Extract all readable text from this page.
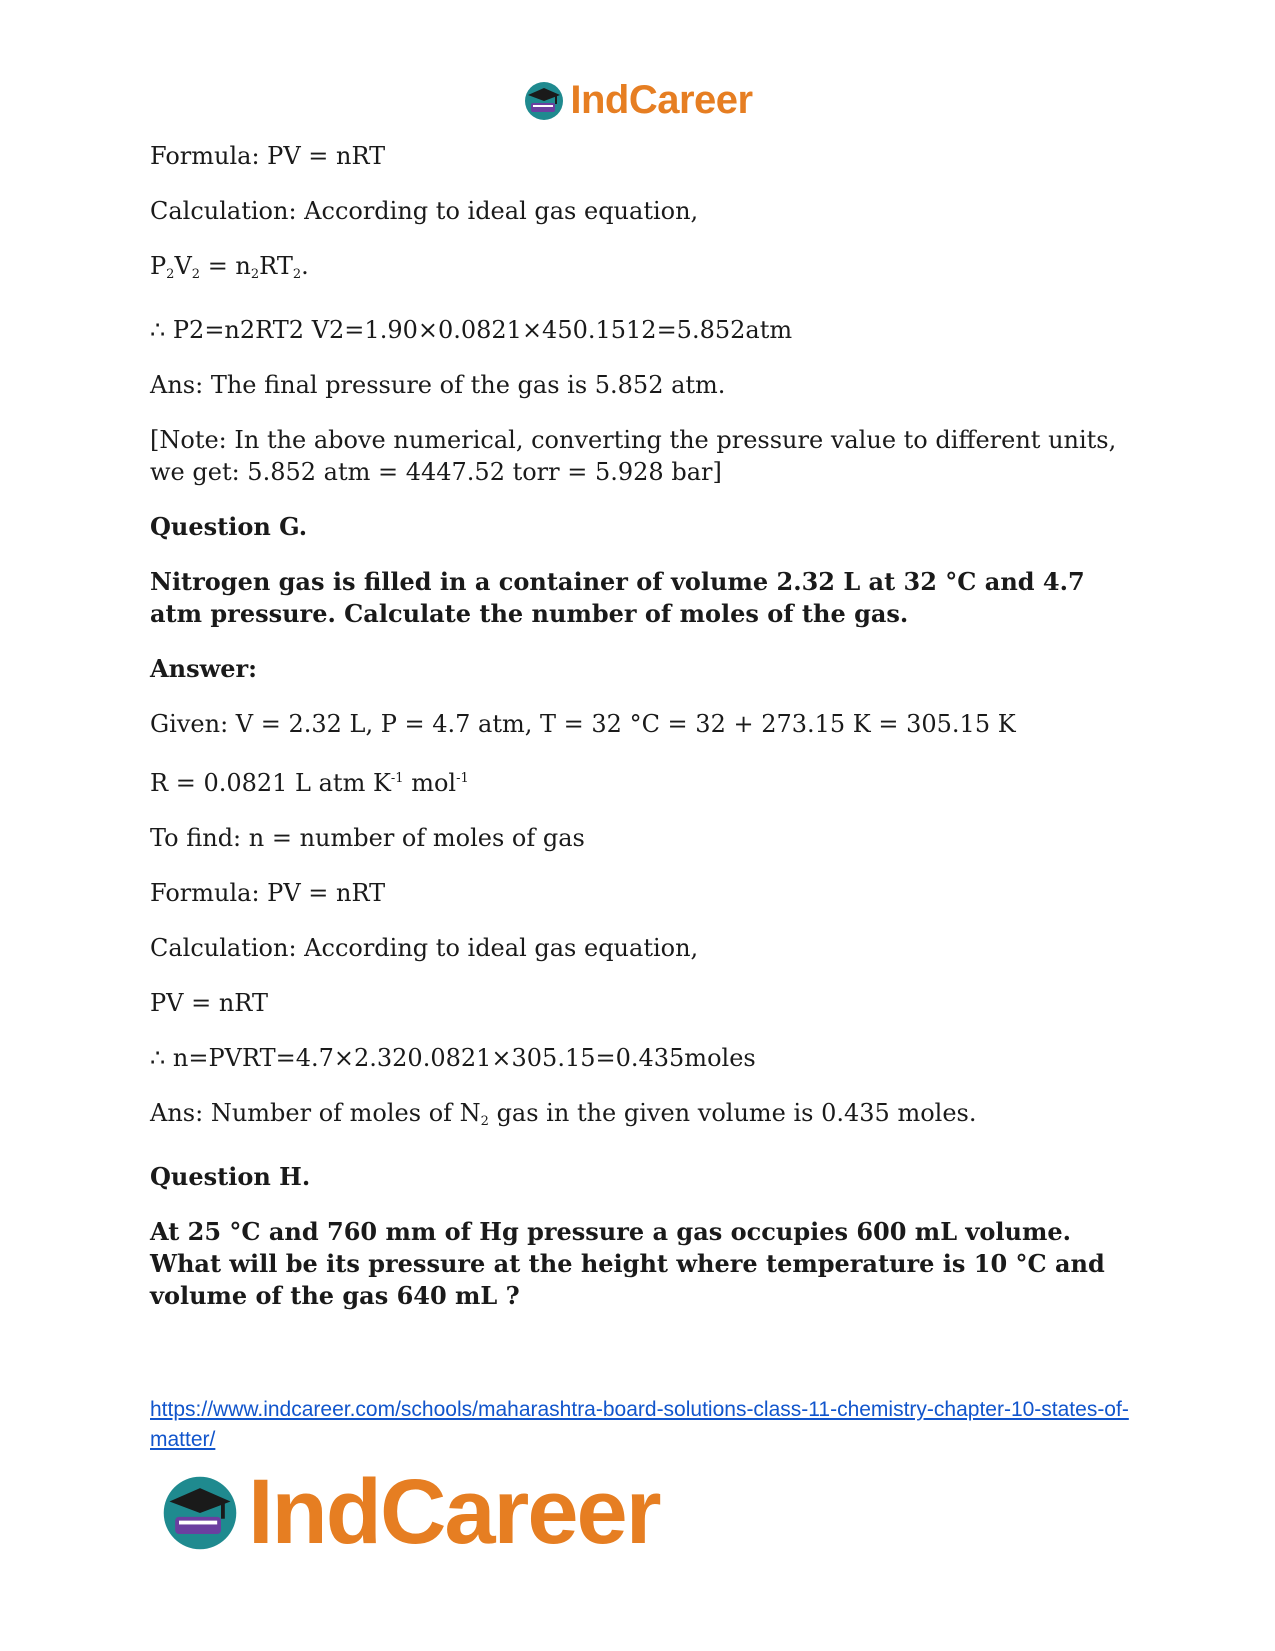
IndCareer

Formula: PV = nRT

Calculation: According to ideal gas equation,

$P_2V_2 = n_2RT_2$.

∴ P2=n2RT2 V2=1.90×0.0821×450.1512=5.852atm

Ans: The final pressure of the gas is 5.852 atm.

[Note: In the above numerical, converting the pressure value to different units, we get: 5.852 atm = 4447.52 torr = 5.928 bar]

Question G.

Nitrogen gas is filled in a container of volume 2.32 L at 32 °C and 4.7 atm pressure. Calculate the number of moles of the gas.

Answer:

Given: V = 2.32 L, P = 4.7 atm, T = 32 °C = 32 + 273.15 K = 305.15 K

R = 0.0821 L atm $K^{-1}$ mol$^{-1}$

To find: n = number of moles of gas

Formula: PV = nRT

Calculation: According to ideal gas equation,

PV = nRT

∴ n=PVRT=4.7×2.320.0821×305.15=0.435moles

Ans: Number of moles of $N_2$ gas in the given volume is 0.435 moles.

Question H.

At 25 °C and 760 mm of Hg pressure a gas occupies 600 mL volume. What will be its pressure at the height where temperature is 10 °C and volume of the gas 640 mL ?

https://www.indcareer.com/schools/maharashtra-board-solutions-class-11-chemistry-chapter-10-states-of-matter/
IndCareer
